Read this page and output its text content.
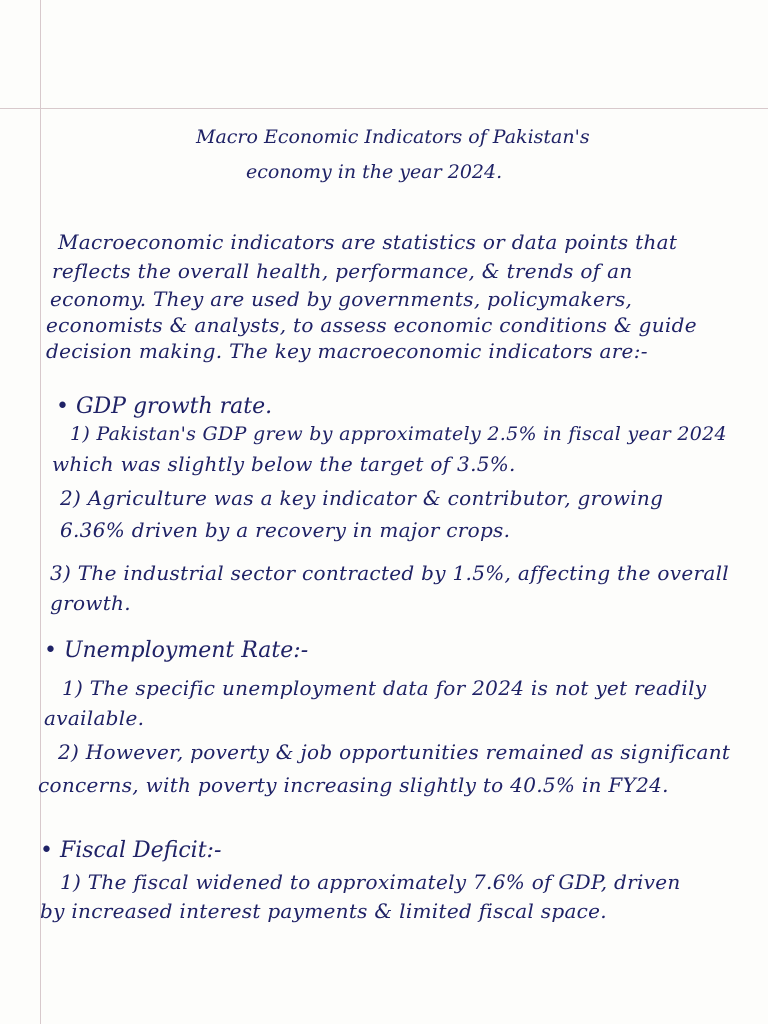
Macro Economic Indicators of Pakistan's
economy in the year 2024.
Macroeconomic indicators are statistics or data points that
reflects the overall health, performance, & trends of an
economy. They are used by governments, policymakers,
economists & analysts, to assess economic conditions & guide
decision making. The key macroeconomic indicators are:-
• GDP growth rate.
1) Pakistan's GDP grew by approximately 2.5% in fiscal year 2024
which was slightly below the target of 3.5%.
2) Agriculture was a key indicator & contributor, growing
6.36% driven by a recovery in major crops.
3) The industrial sector contracted by 1.5%, affecting the overall
growth.
• Unemployment Rate:-
1) The specific unemployment data for 2024 is not yet readily
available.
2) However, poverty & job opportunities remained as significant
concerns, with poverty increasing slightly to 40.5% in FY24.
• Fiscal Deficit:-
1) The fiscal widened to approximately 7.6% of GDP, driven
by increased interest payments & limited fiscal space.
